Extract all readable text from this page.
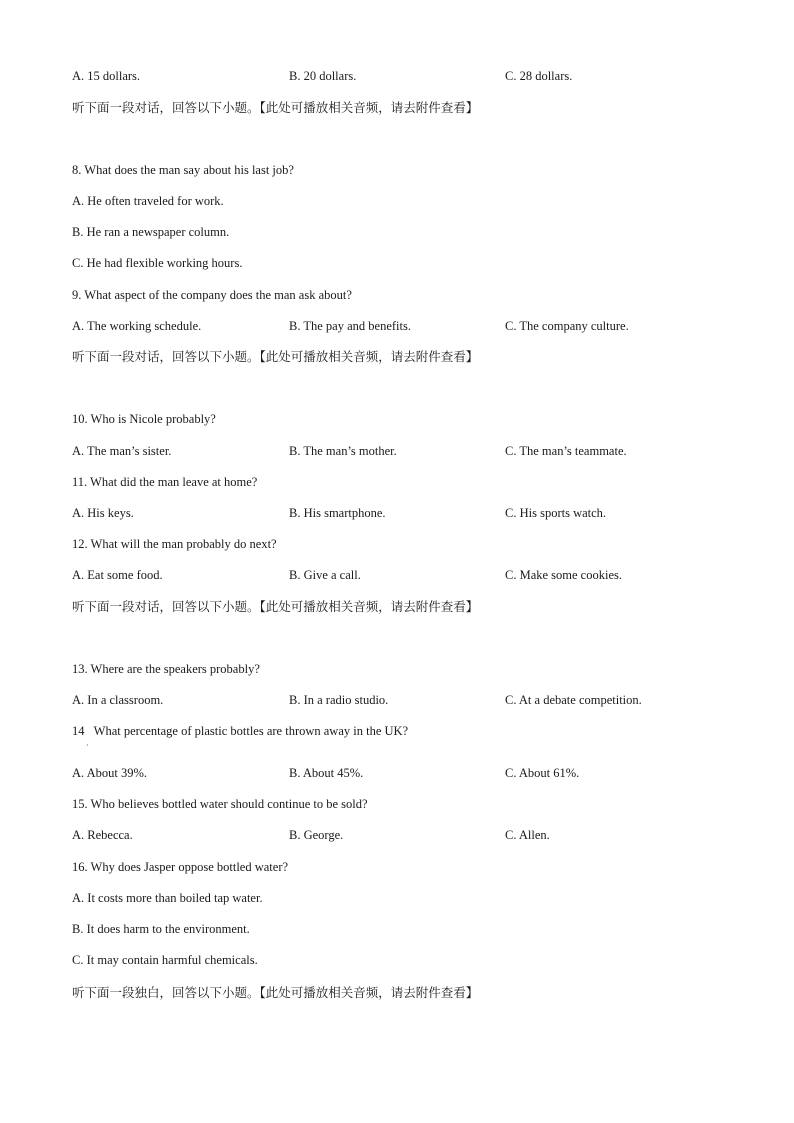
A. 15 dollars.	B. 20 dollars.	C. 28 dollars.
听下面一段对话，回答以下小题。【此处可播放相关音频，请去附件查看】
8. What does the man say about his last job?
A. He often traveled for work.
B. He ran a newspaper column.
C. He had flexible working hours.
9. What aspect of the company does the man ask about?
A. The working schedule.	B. The pay and benefits.	C. The company culture.
听下面一段对话，回答以下小题。【此处可播放相关音频，请去附件查看】
10. Who is Nicole probably?
A. The man’s sister.	B. The man’s mother.	C. The man’s teammate.
11. What did the man leave at home?
A. His keys.	B. His smartphone.	C. His sports watch.
12. What will the man probably do next?
A. Eat some food.	B. Give a call.	C. Make some cookies.
听下面一段对话，回答以下小题。【此处可播放相关音频，请去附件查看】
13. Where are the speakers probably?
A. In a classroom.	B. In a radio studio.	C. At a debate competition.
14   What percentage of plastic bottles are thrown away in the UK?
·
A. About 39%.	B. About 45%.	C. About 61%.
15. Who believes bottled water should continue to be sold?
A. Rebecca.	B. George.	C. Allen.
16. Why does Jasper oppose bottled water?
A. It costs more than boiled tap water.
B. It does harm to the environment.
C. It may contain harmful chemicals.
听下面一段独白，回答以下小题。【此处可播放相关音频，请去附件查看】
